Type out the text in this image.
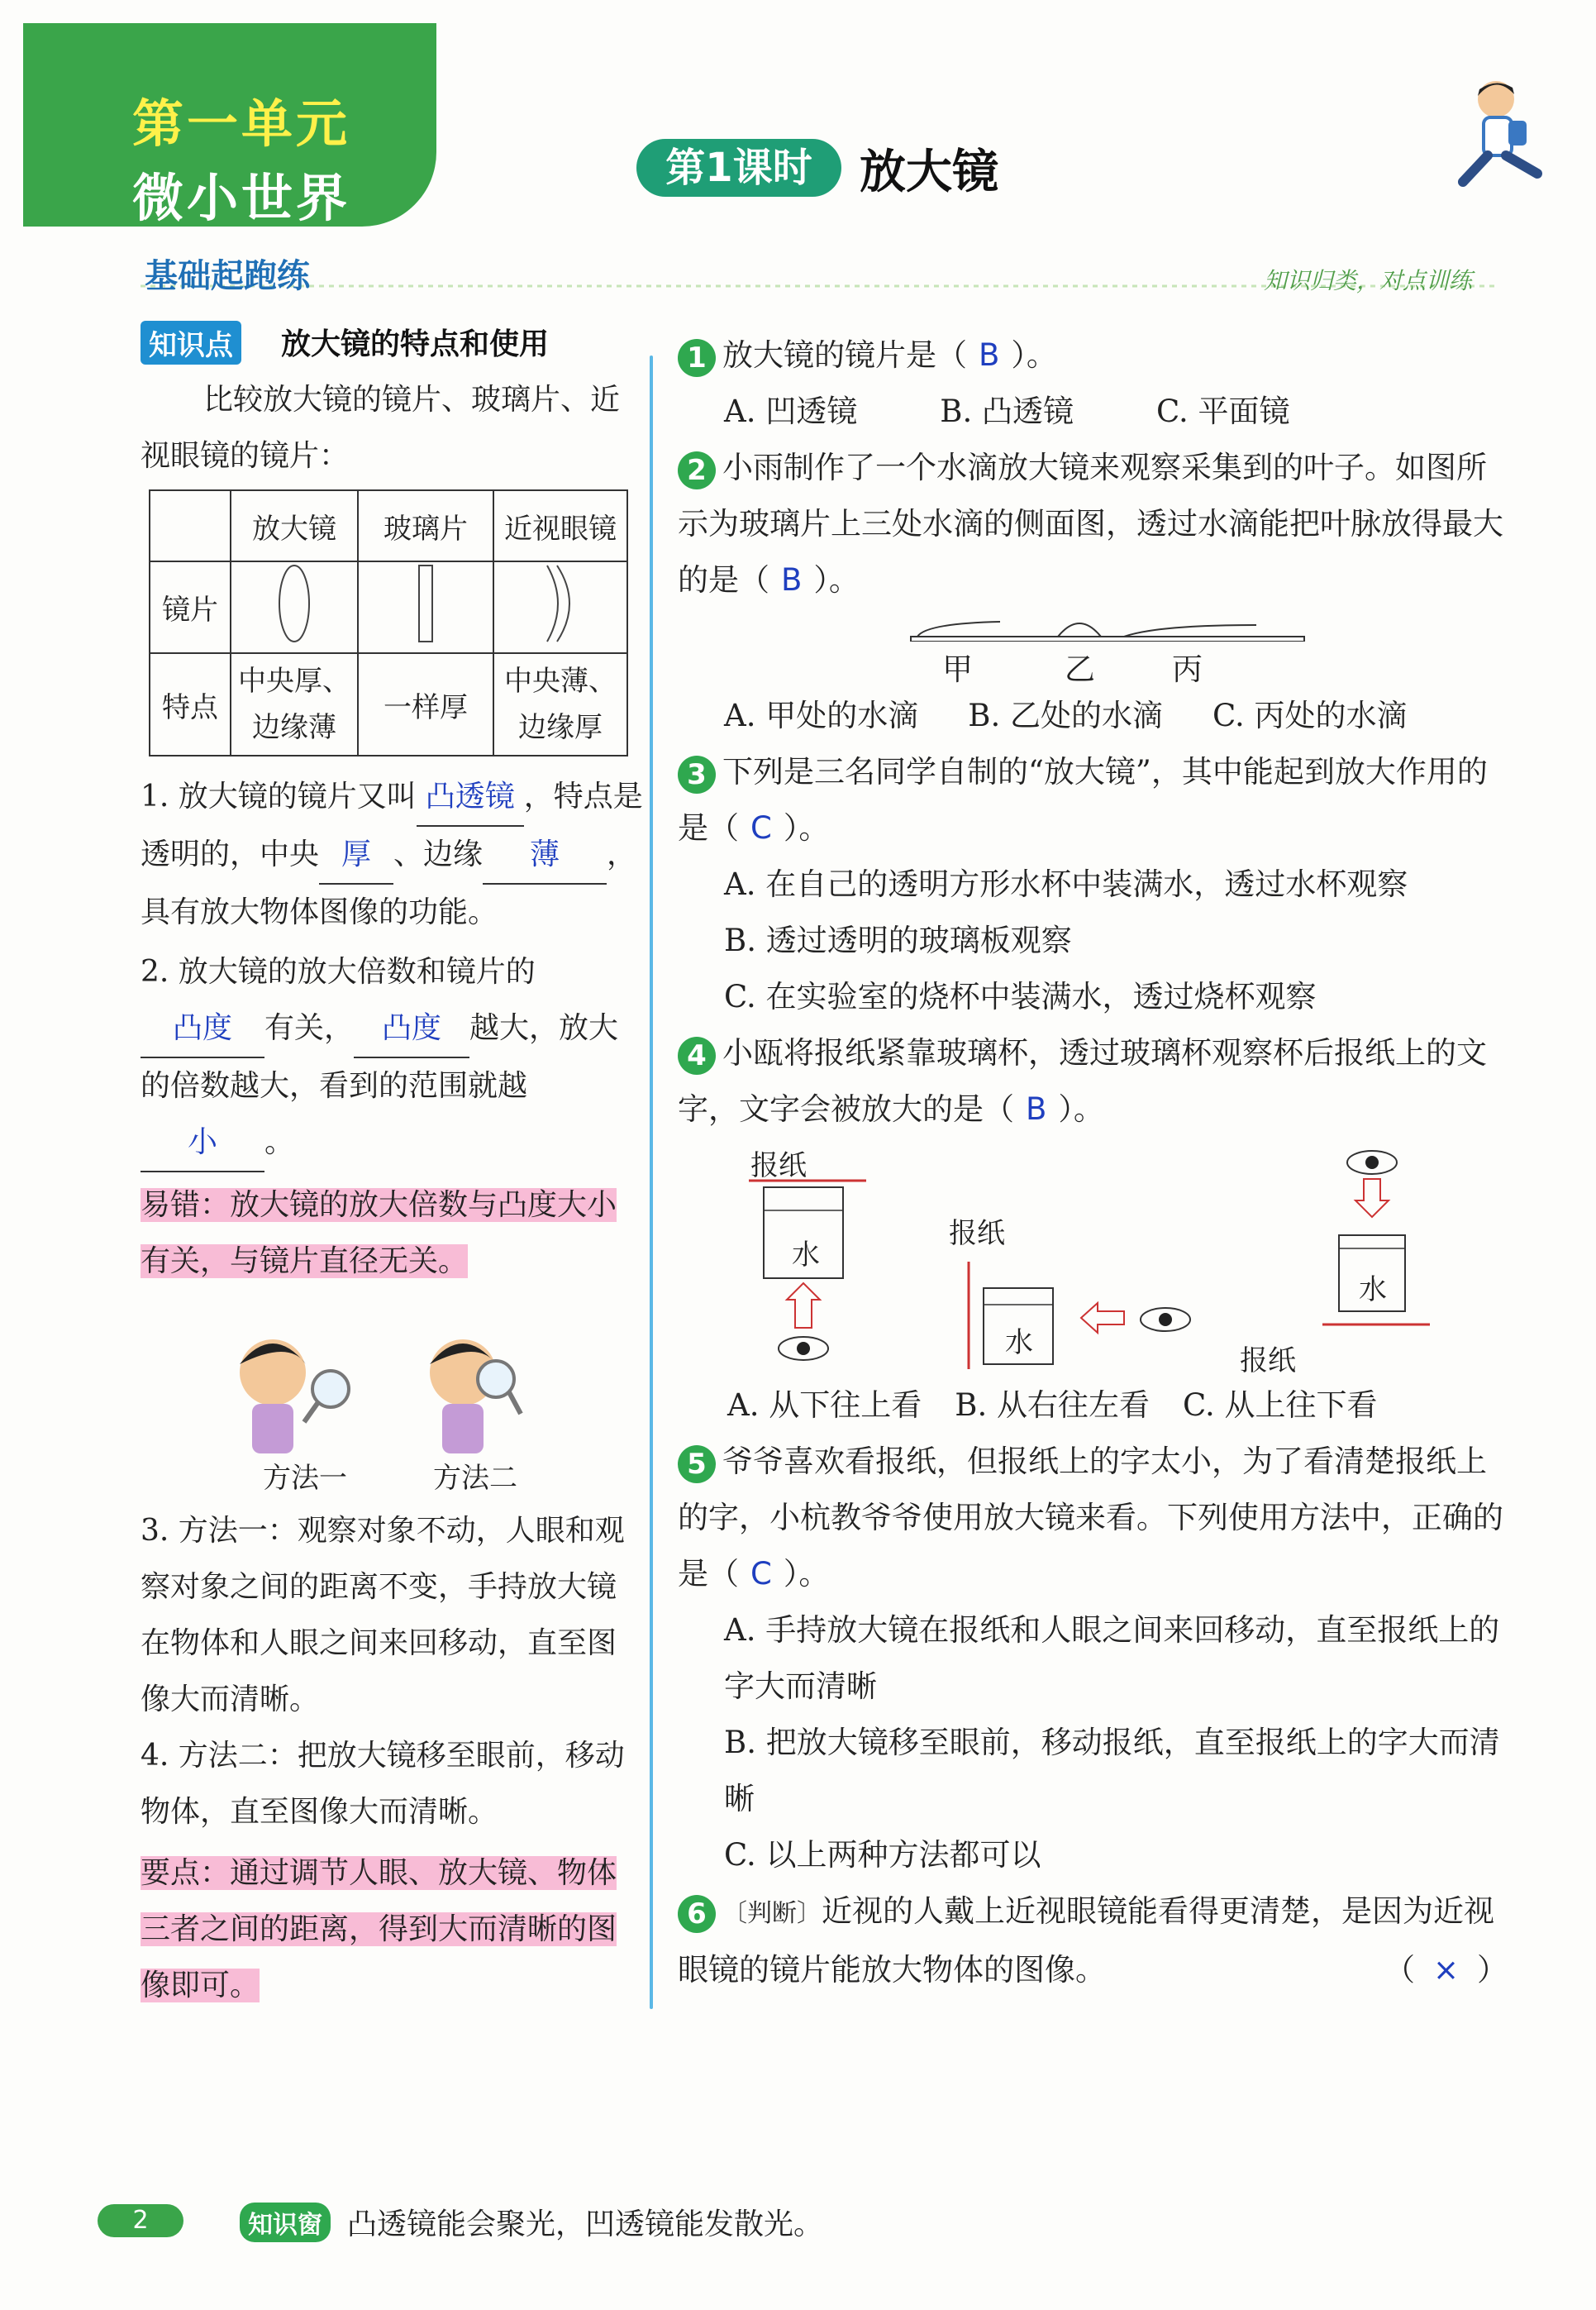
第一单元
微小世界	第1课时	放大镜
基础起跑练	知识归类，对点训练
知识点 放大镜的特点和使用

比较放大镜的镜片、玻璃片、近视眼镜的镜片：

	放大镜	玻璃片	近视眼镜
镜片			
特点	中央厚、边缘薄	一样厚	中央薄、边缘厚
1. 放大镜的镜片又叫 凸透镜 ，特点是透明的，中央 厚 、边缘 薄 ，具有放大物体图像的功能。
2. 放大镜的放大倍数和镜片的凸度 有关， 凸度 越大，放大的倍数越大，看到的范围就越小 。
易错：放大镜的放大倍数与凸度大小有关，与镜片直径无关。
方法一	方法二
3. 方法一：观察对象不动，人眼和观察对象之间的距离不变，手持放大镜在物体和人眼之间来回移动，直至图像大而清晰。
4. 方法二：把放大镜移至眼前，移动物体，直至图像大而清晰。
要点：通过调节人眼、放大镜、物体三者之间的距离，得到大而清晰的图像即可。
1 放大镜的镜片是（ B ）。
A. 凹透镜	B. 凸透镜	C. 平面镜
2 小雨制作了一个水滴放大镜来观察采集到的叶子。如图所示为玻璃片上三处水滴的侧面图，透过水滴能把叶脉放得最大的是（ B ）。
甲	乙	丙
A. 甲处的水滴 B. 乙处的水滴 C. 丙处的水滴
3 下列是三名同学自制的“放大镜”，其中能起到放大作用的是（ C ）。
A. 在自己的透明方形水杯中装满水，透过水杯观察
B. 透过透明的玻璃板观察
C. 在实验室的烧杯中装满水，透过烧杯观察
4 小瓯将报纸紧靠玻璃杯，透过玻璃杯观察杯后报纸上的文字，文字会被放大的是（ B ）。
报纸
水
报纸
水
水
报纸
A. 从下往上看 B. 从右往左看 C. 从上往下看
5 爷爷喜欢看报纸，但报纸上的字太小，为了看清楚报纸上的字，小杭教爷爷使用放大镜来看。下列使用方法中，正确的是（ C ）。
A. 手持放大镜在报纸和人眼之间来回移动，直至报纸上的字大而清晰
B. 把放大镜移至眼前，移动报纸，直至报纸上的字大而清晰
C. 以上两种方法都可以
6 〔判断〕近视的人戴上近视眼镜能看得更清楚，是因为近视眼镜的镜片能放大物体的图像。	（ × ）
2	知识窗 凸透镜能会聚光，凹透镜能发散光。
